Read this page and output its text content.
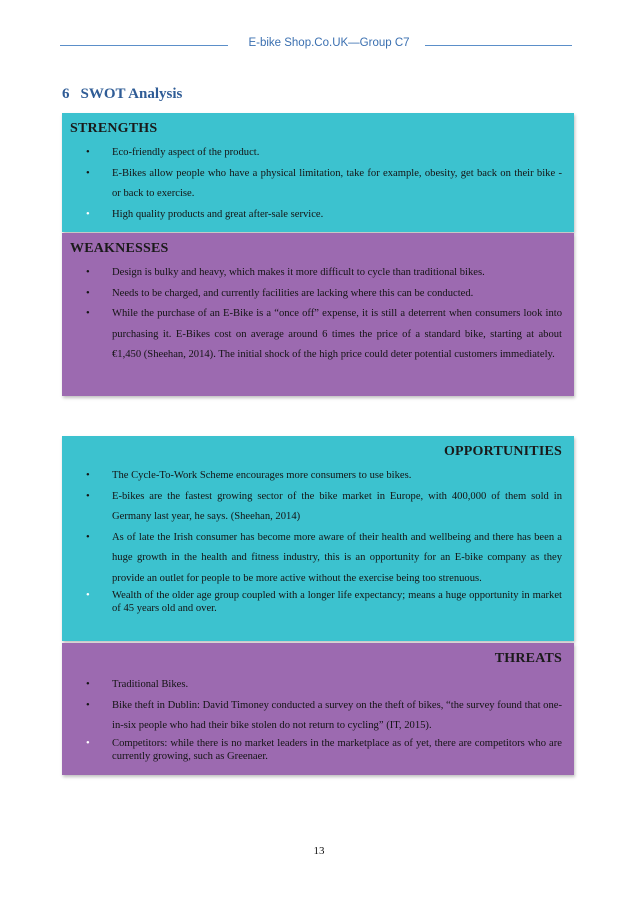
E-bike Shop.Co.UK—Group C7
6 SWOT Analysis
STRENGTHS
• Eco-friendly aspect of the product.
• E-Bikes allow people who have a physical limitation, take for example, obesity, get back on their bike - or back to exercise.
• High quality products and great after-sale service.
WEAKNESSES
• Design is bulky and heavy, which makes it more difficult to cycle than traditional bikes.
• Needs to be charged, and currently facilities are lacking where this can be conducted.
• While the purchase of an E-Bike is a “once off” expense, it is still a deterrent when consumers look into purchasing it. E-Bikes cost on average around 6 times the price of a standard bike, starting at about €1,450 (Sheehan, 2014). The initial shock of the high price could deter potential customers immediately.
OPPORTUNITIES
• The Cycle-To-Work Scheme encourages more consumers to use bikes.
• E-bikes are the fastest growing sector of the bike market in Europe, with 400,000 of them sold in Germany last year, he says. (Sheehan, 2014)
• As of late the Irish consumer has become more aware of their health and wellbeing and there has been a huge growth in the health and fitness industry, this is an opportunity for an E-bike company as they provide an outlet for people to be more active without the exercise being too strenuous.
• Wealth of the older age group coupled with a longer life expectancy; means a huge opportunity in market of 45 years old and over.
THREATS
• Traditional Bikes.
• Bike theft in Dublin: David Timoney conducted a survey on the theft of bikes, “the survey found that one-in-six people who had their bike stolen do not return to cycling” (IT, 2015).
• Competitors: while there is no market leaders in the marketplace as of yet, there are competitors who are currently growing, such as Greenaer.
13
